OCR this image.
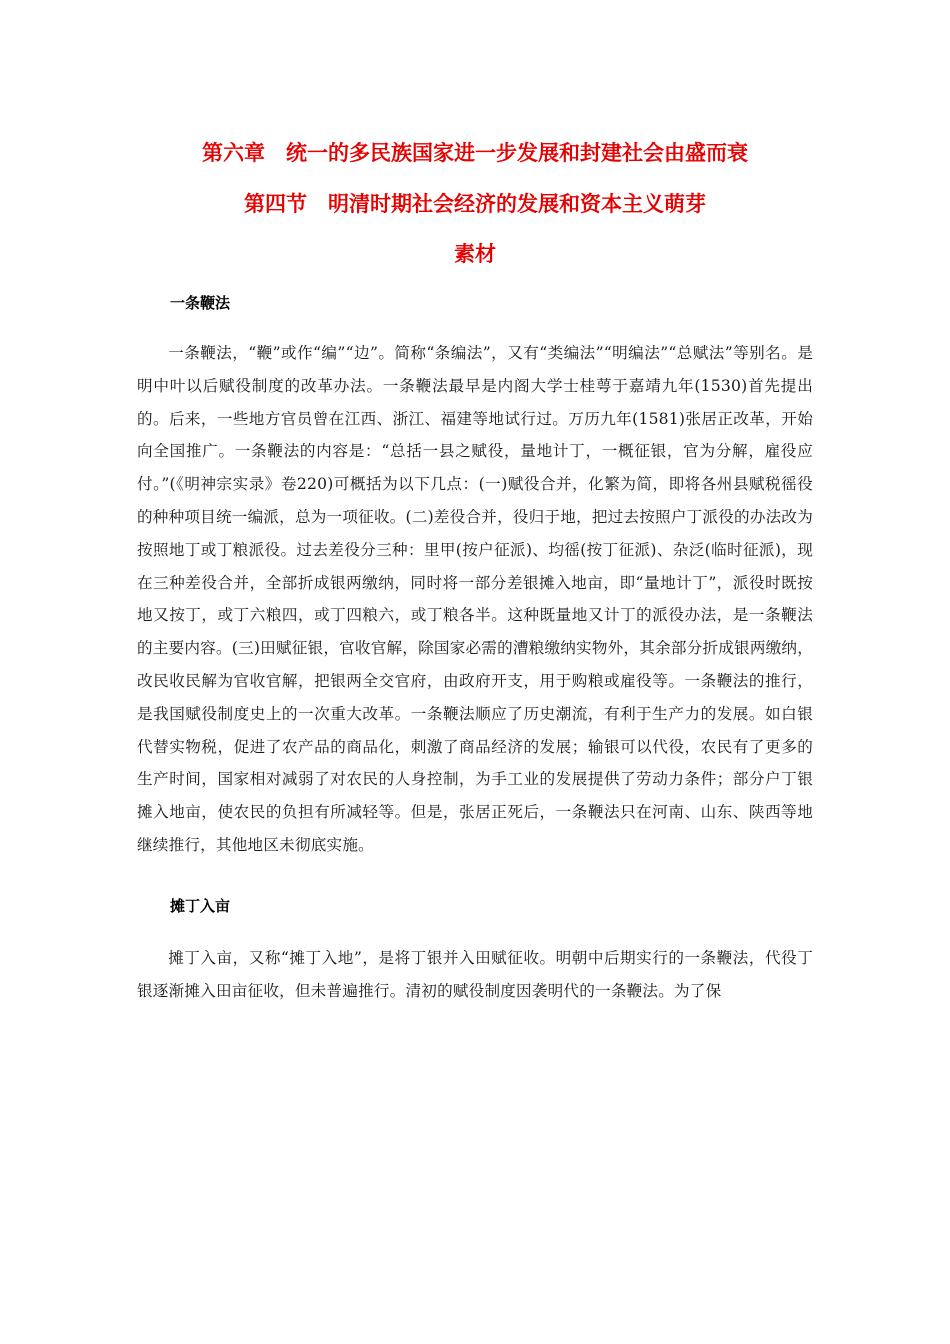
第六章　统一的多民族国家进一步发展和封建社会由盛而衰
第四节　明清时期社会经济的发展和资本主义萌芽
素材
一条鞭法

一条鞭法，“鞭”或作“编”“边”。简称“条编法”，又有“类编法”“明编法”“总赋法”等别名。是明中叶以后赋役制度的改革办法。一条鞭法最早是内阁大学士桂萼于嘉靖九年(1530)首先提出的。后来，一些地方官员曾在江西、浙江、福建等地试行过。万历九年(1581)张居正改革，开始向全国推广。一条鞭法的内容是：“总括一县之赋役，量地计丁，一概征银，官为分解，雇役应付。”(《明神宗实录》卷220)可概括为以下几点：(一)赋役合并，化繁为简，即将各州县赋税徭役的种种项目统一编派，总为一项征收。(二)差役合并，役归于地，把过去按照户丁派役的办法改为按照地丁或丁粮派役。过去差役分三种：里甲(按户征派)、均徭(按丁征派)、杂泛(临时征派)，现在三种差役合并，全部折成银两缴纳，同时将一部分差银摊入地亩，即“量地计丁”，派役时既按地又按丁，或丁六粮四，或丁四粮六，或丁粮各半。这种既量地又计丁的派役办法，是一条鞭法的主要内容。(三)田赋征银，官收官解，除国家必需的漕粮缴纳实物外，其余部分折成银两缴纳，改民收民解为官收官解，把银两全交官府，由政府开支，用于购粮或雇役等。一条鞭法的推行，是我国赋役制度史上的一次重大改革。一条鞭法顺应了历史潮流，有利于生产力的发展。如白银代替实物税，促进了农产品的商品化，刺激了商品经济的发展；输银可以代役，农民有了更多的生产时间，国家相对减弱了对农民的人身控制，为手工业的发展提供了劳动力条件；部分户丁银摊入地亩，使农民的负担有所减轻等。但是，张居正死后，一条鞭法只在河南、山东、陕西等地继续推行，其他地区未彻底实施。

摊丁入亩

摊丁入亩，又称“摊丁入地”，是将丁银并入田赋征收。明朝中后期实行的一条鞭法，代役丁银逐渐摊入田亩征收，但未普遍推行。清初的赋役制度因袭明代的一条鞭法。为了保
